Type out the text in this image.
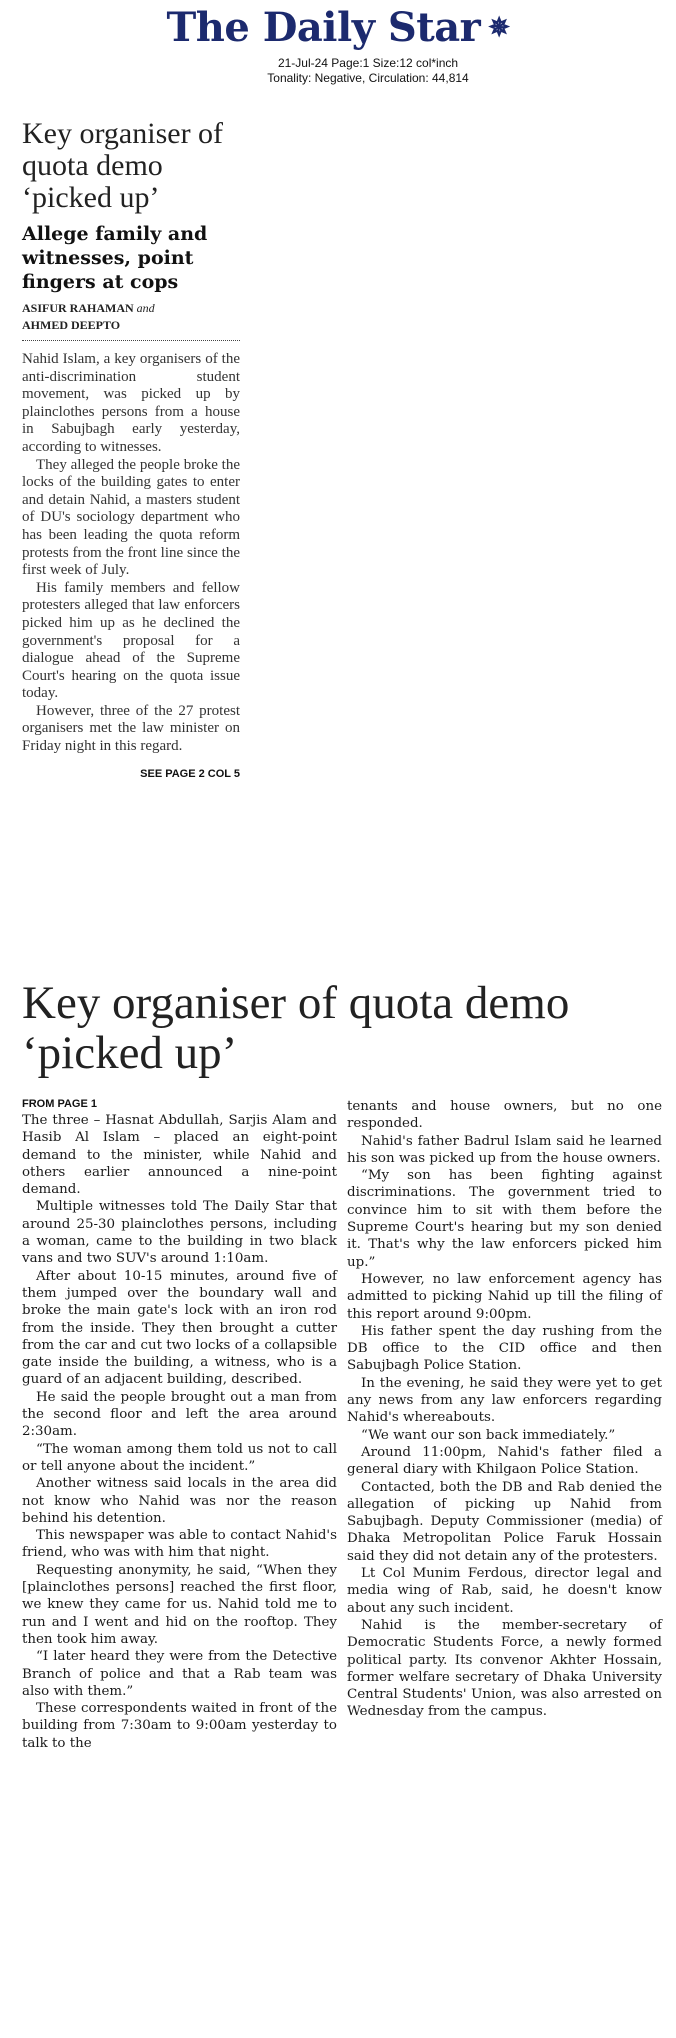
The Daily Star ✵
21-Jul-24 Page:1 Size:12 col*inch
Tonality: Negative, Circulation: 44,814
Key organiser of quota demo ‘picked up’
Allege family and witnesses, point fingers at cops
ASIFUR RAHAMAN and
AHMED DEEPTO

Nahid Islam, a key organisers of the anti-discrimination student movement, was picked up by plainclothes persons from a house in Sabujbagh early yesterday, according to witnesses.

They alleged the people broke the locks of the building gates to enter and detain Nahid, a masters student of DU's sociology department who has been leading the quota reform protests from the front line since the first week of July.

His family members and fellow protesters alleged that law enforcers picked him up as he declined the government's proposal for a dialogue ahead of the Supreme Court's hearing on the quota issue today.

However, three of the 27 protest organisers met the law minister on Friday night in this regard.

SEE PAGE 2 COL 5
Key organiser of quota demo ‘picked up’
FROM PAGE 1

The three – Hasnat Abdullah, Sarjis Alam and Hasib Al Islam – placed an eight-point demand to the minister, while Nahid and others earlier announced a nine-point demand.

Multiple witnesses told The Daily Star that around 25-30 plainclothes persons, including a woman, came to the building in two black vans and two SUV's around 1:10am.

After about 10-15 minutes, around five of them jumped over the boundary wall and broke the main gate's lock with an iron rod from the inside. They then brought a cutter from the car and cut two locks of a collapsible gate inside the building, a witness, who is a guard of an adjacent building, described.

He said the people brought out a man from the second floor and left the area around 2:30am.

“The woman among them told us not to call or tell anyone about the incident.”

Another witness said locals in the area did not know who Nahid was nor the reason behind his detention.

This newspaper was able to contact Nahid's friend, who was with him that night.

Requesting anonymity, he said, “When they [plainclothes persons] reached the first floor, we knew they came for us. Nahid told me to run and I went and hid on the rooftop. They then took him away.

“I later heard they were from the Detective Branch of police and that a Rab team was also with them.”

These correspondents waited in front of the building from 7:30am to 9:00am yesterday to talk to the

tenants and house owners, but no one responded.

Nahid's father Badrul Islam said he learned his son was picked up from the house owners.

“My son has been fighting against discriminations. The government tried to convince him to sit with them before the Supreme Court's hearing but my son denied it. That's why the law enforcers picked him up.”

However, no law enforcement agency has admitted to picking Nahid up till the filing of this report around 9:00pm.

His father spent the day rushing from the DB office to the CID office and then Sabujbagh Police Station.

In the evening, he said they were yet to get any news from any law enforcers regarding Nahid's whereabouts.

“We want our son back immediately.”

Around 11:00pm, Nahid's father filed a general diary with Khilgaon Police Station.

Contacted, both the DB and Rab denied the allegation of picking up Nahid from Sabujbagh. Deputy Commissioner (media) of Dhaka Metropolitan Police Faruk Hossain said they did not detain any of the protesters.

Lt Col Munim Ferdous, director legal and media wing of Rab, said, he doesn't know about any such incident.

Nahid is the member-secretary of Democratic Students Force, a newly formed political party. Its convenor Akhter Hossain, former welfare secretary of Dhaka University Central Students' Union, was also arrested on Wednesday from the campus.
